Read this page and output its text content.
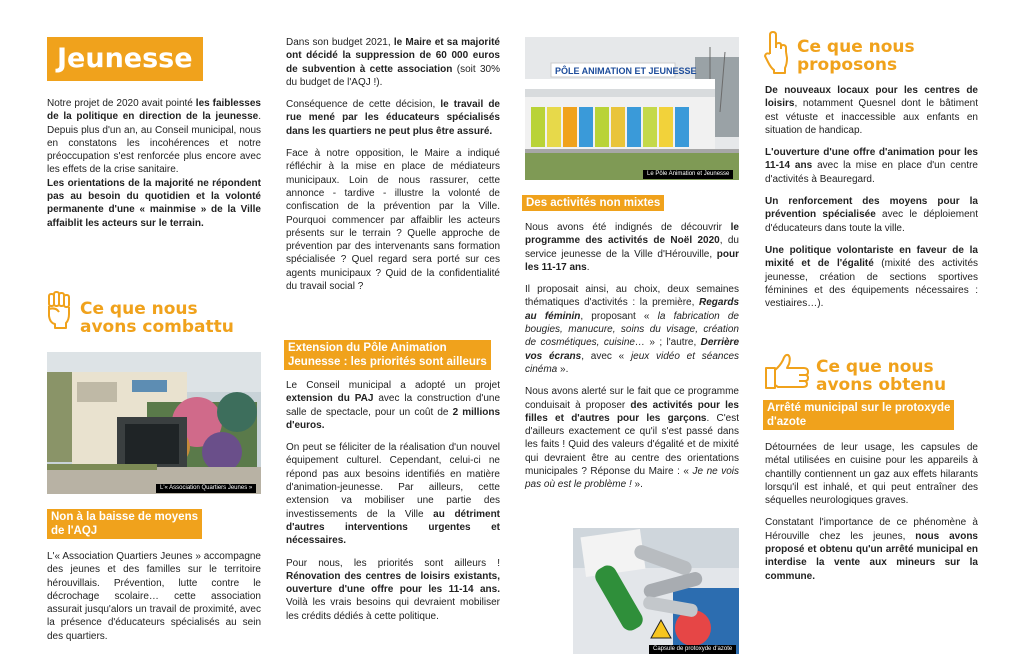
Jeunesse

Notre projet de 2020 avait pointé les faiblesses de la politique en direction de la jeunesse. Depuis plus d'un an, au Conseil municipal, nous en constatons les incohérences et notre préoccupation s'est renforcée plus encore avec les effets de la crise sanitaire.

Les orientations de la majorité ne répondent pas au besoin du quotidien et la volonté permanente d'une « mainmise » de la Ville affaiblit les acteurs sur le terrain.

Ce que nous
avons combattu
L'« Association Quartiers Jeunes »
Non à la baisse de moyens
de l'AQJ

L'« Association Quartiers Jeunes » accompagne des jeunes et des familles sur le territoire hérouvillais. Prévention, lutte contre le décrochage scolaire… cette association assurait jusqu'alors un travail de proximité, avec la présence d'éducateurs spécialisés au sein des quartiers.

Dans son budget 2021, le Maire et sa majorité ont décidé la suppression de 60 000 euros de subvention à cette association (soit 30% du budget de l'AQJ !).

Conséquence de cette décision, le travail de rue mené par les éducateurs spécialisés dans les quartiers ne peut plus être assuré.

Face à notre opposition, le Maire a indiqué réfléchir à la mise en place de médiateurs municipaux. Loin de nous rassurer, cette annonce - tardive - illustre la volonté de confiscation de la prévention par la Ville. Pourquoi commencer par affaiblir les acteurs présents sur le terrain ? Quelle approche de prévention par des intervenants sans formation spécialisée ? Quel regard sera porté sur ces agents municipaux ? Quid de la confidentialité du travail social ?

Extension du Pôle Animation
Jeunesse : les priorités sont ailleurs

Le Conseil municipal a adopté un projet extension du PAJ avec la construction d'une salle de spectacle, pour un coût de 2 millions d'euros.

On peut se féliciter de la réalisation d'un nouvel équipement culturel. Cependant, celui-ci ne répond pas aux besoins identifiés en matière d'animation-jeunesse. Par ailleurs, cette extension va mobiliser une partie des investissements de la Ville au détriment d'autres interventions urgentes et nécessaires.

Pour nous, les priorités sont ailleurs ! Rénovation des centres de loisirs existants, ouverture d'une offre pour les 11-14 ans. Voilà les vrais besoins qui devraient mobiliser les crédits dédiés à cette politique.

PÔLE ANIMATION ET JEUNESSE
Le Pôle Animation et Jeunesse
Des activités non mixtes

Nous avons été indignés de découvrir le programme des activités de Noël 2020, du service jeunesse de la Ville d'Hérouville, pour les 11-17 ans.

Il proposait ainsi, au choix, deux semaines thématiques d'activités : la première, Regards au féminin, proposant « la fabrication de bougies, manucure, soins du visage, création de cosmétiques, cuisine… » ; l'autre, Derrière vos écrans, avec « jeux vidéo et séances cinéma ».

Nous avons alerté sur le fait que ce programme conduisait à proposer des activités pour les filles et d'autres pour les garçons. C'est d'ailleurs exactement ce qu'il s'est passé dans les faits ! Quid des valeurs d'égalité et de mixité qui devraient être au centre des orientations municipales ? Réponse du Maire : « Je ne vois pas où est le problème ! ».

Capsule de protoxyde d'azote
Ce que nous
proposons

De nouveaux locaux pour les centres de loisirs, notamment Quesnel dont le bâtiment est vétuste et inaccessible aux enfants en situation de handicap.

L'ouverture d'une offre d'animation pour les 11-14 ans avec la mise en place d'un centre d'activités à Beauregard.

Un renforcement des moyens pour la prévention spécialisée avec le déploiement d'éducateurs dans toute la ville.

Une politique volontariste en faveur de la mixité et de l'égalité (mixité des activités jeunesse, création de sections sportives féminines et des équipements nécessaires : vestiaires…).

Ce que nous
avons obtenu
Arrêté municipal sur le protoxyde
d'azote

Détournées de leur usage, les capsules de métal utilisées en cuisine pour les appareils à chantilly contiennent un gaz aux effets hilarants lorsqu'il est inhalé, et qui peut entraîner des séquelles neurologiques graves.

Constatant l'importance de ce phénomène à Hérouville chez les jeunes, nous avons proposé et obtenu qu'un arrêté municipal en interdise la vente aux mineurs sur la commune.
